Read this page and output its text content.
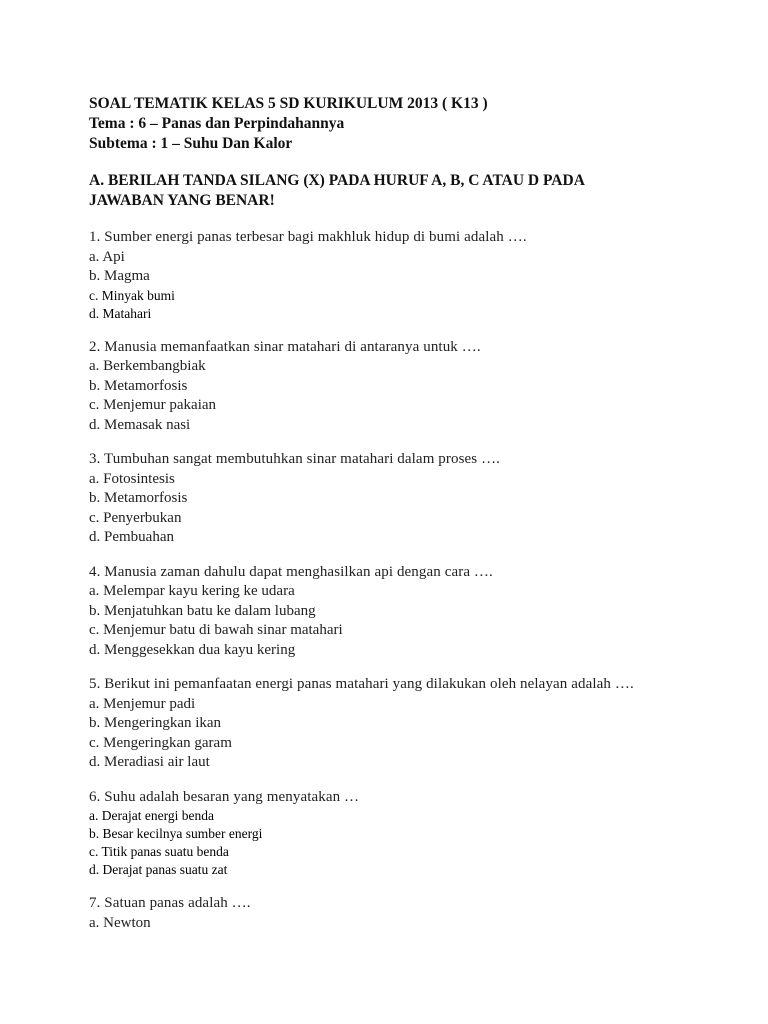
SOAL TEMATIK KELAS 5 SD KURIKULUM 2013 ( K13 )
Tema : 6 – Panas dan Perpindahannya
Subtema : 1 – Suhu Dan Kalor
A. BERILAH TANDA SILANG (X) PADA HURUF A, B, C ATAU D PADA
JAWABAN YANG BENAR!
1. Sumber energi panas terbesar bagi makhluk hidup di bumi adalah ….
a. Api
b. Magma
c. Minyak bumi
d. Matahari
2. Manusia memanfaatkan sinar matahari di antaranya untuk ….
a. Berkembangbiak
b. Metamorfosis
c. Menjemur pakaian
d. Memasak nasi
3. Tumbuhan sangat membutuhkan sinar matahari dalam proses ….
a. Fotosintesis
b. Metamorfosis
c. Penyerbukan
d. Pembuahan
4. Manusia zaman dahulu dapat menghasilkan api dengan cara ….
a. Melempar kayu kering ke udara
b. Menjatuhkan batu ke dalam lubang
c. Menjemur batu di bawah sinar matahari
d. Menggesekkan dua kayu kering
5. Berikut ini pemanfaatan energi panas matahari yang dilakukan oleh nelayan adalah ….
a. Menjemur padi
b. Mengeringkan ikan
c. Mengeringkan garam
d. Meradiasi air laut
6. Suhu adalah besaran yang menyatakan …
a. Derajat energi benda
b. Besar kecilnya sumber energi
c. Titik panas suatu benda
d. Derajat panas suatu zat
7. Satuan panas adalah ….
a. Newton
